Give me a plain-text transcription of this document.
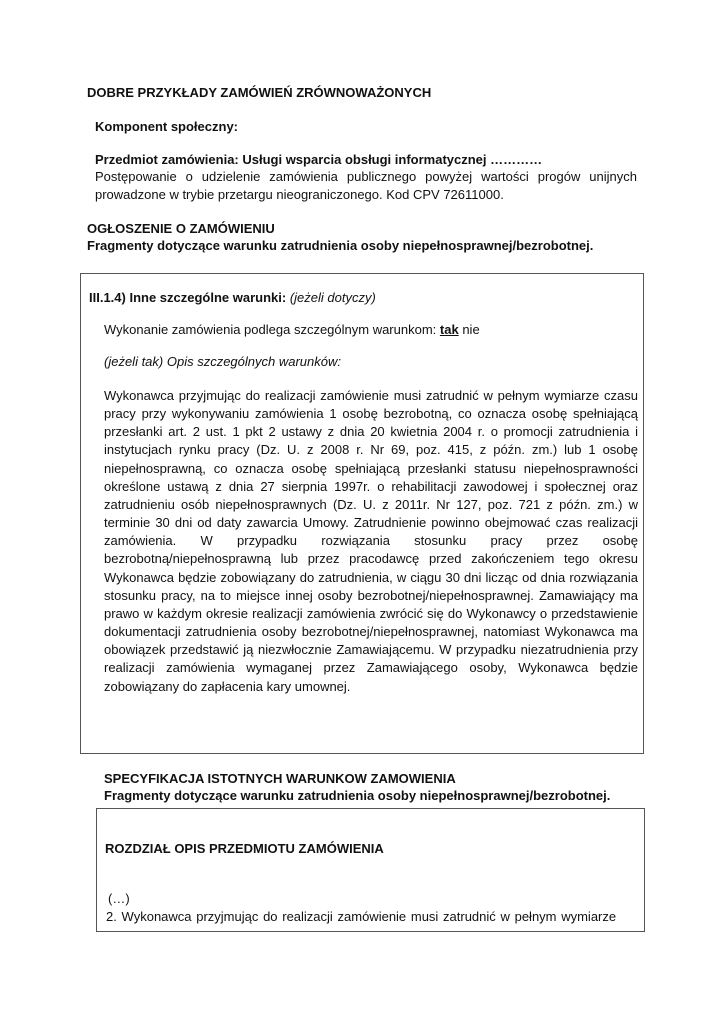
DOBRE PRZYKŁADY ZAMÓWIEŃ ZRÓWNOWAŻONYCH
Komponent społeczny:
Przedmiot zamówienia: Usługi wsparcia obsługi informatycznej …………
Postępowanie o udzielenie zamówienia publicznego powyżej wartości progów unijnych prowadzone w trybie przetargu nieograniczonego. Kod CPV 72611000.
OGŁOSZENIE O ZAMÓWIENIU
Fragmenty dotyczące warunku zatrudnienia osoby niepełnosprawnej/bezrobotnej.
III.1.4) Inne szczególne warunki: (jeżeli dotyczy)
Wykonanie zamówienia podlega szczególnym warunkom: tak nie
(jeżeli tak) Opis szczególnych warunków:
Wykonawca przyjmując do realizacji zamówienie musi zatrudnić w pełnym wymiarze czasu pracy przy wykonywaniu zamówienia 1 osobę bezrobotną, co oznacza osobę spełniającą przesłanki art. 2 ust. 1 pkt 2 ustawy z dnia 20 kwietnia 2004 r. o promocji zatrudnienia i instytucjach rynku pracy (Dz. U. z 2008 r. Nr 69, poz. 415, z późn. zm.) lub 1 osobę niepełnosprawną, co oznacza osobę spełniającą przesłanki statusu niepełnosprawności określone ustawą z dnia 27 sierpnia 1997r. o rehabilitacji zawodowej i społecznej oraz zatrudnieniu osób niepełnosprawnych (Dz. U. z 2011r. Nr 127, poz. 721 z późn. zm.) w terminie 30 dni od daty zawarcia Umowy. Zatrudnienie powinno obejmować czas realizacji zamówienia. W przypadku rozwiązania stosunku pracy przez osobę bezrobotną/niepełnosprawną lub przez pracodawcę przed zakończeniem tego okresu Wykonawca będzie zobowiązany do zatrudnienia, w ciągu 30 dni licząc od dnia rozwiązania stosunku pracy, na to miejsce innej osoby bezrobotnej/niepełnosprawnej. Zamawiający ma prawo w każdym okresie realizacji zamówienia zwrócić się do Wykonawcy o przedstawienie dokumentacji zatrudnienia osoby bezrobotnej/niepełnosprawnej, natomiast Wykonawca ma obowiązek przedstawić ją niezwłocznie Zamawiającemu. W przypadku niezatrudnienia przy realizacji zamówienia wymaganej przez Zamawiającego osoby, Wykonawca będzie zobowiązany do zapłacenia kary umownej.
SPECYFIKACJA ISTOTNYCH WARUNKOW ZAMOWIENIA
Fragmenty dotyczące warunku zatrudnienia osoby niepełnosprawnej/bezrobotnej.
ROZDZIAŁ OPIS PRZEDMIOTU ZAMÓWIENIA
(…)
2. Wykonawca przyjmując do realizacji zamówienie musi zatrudnić w pełnym wymiarze
